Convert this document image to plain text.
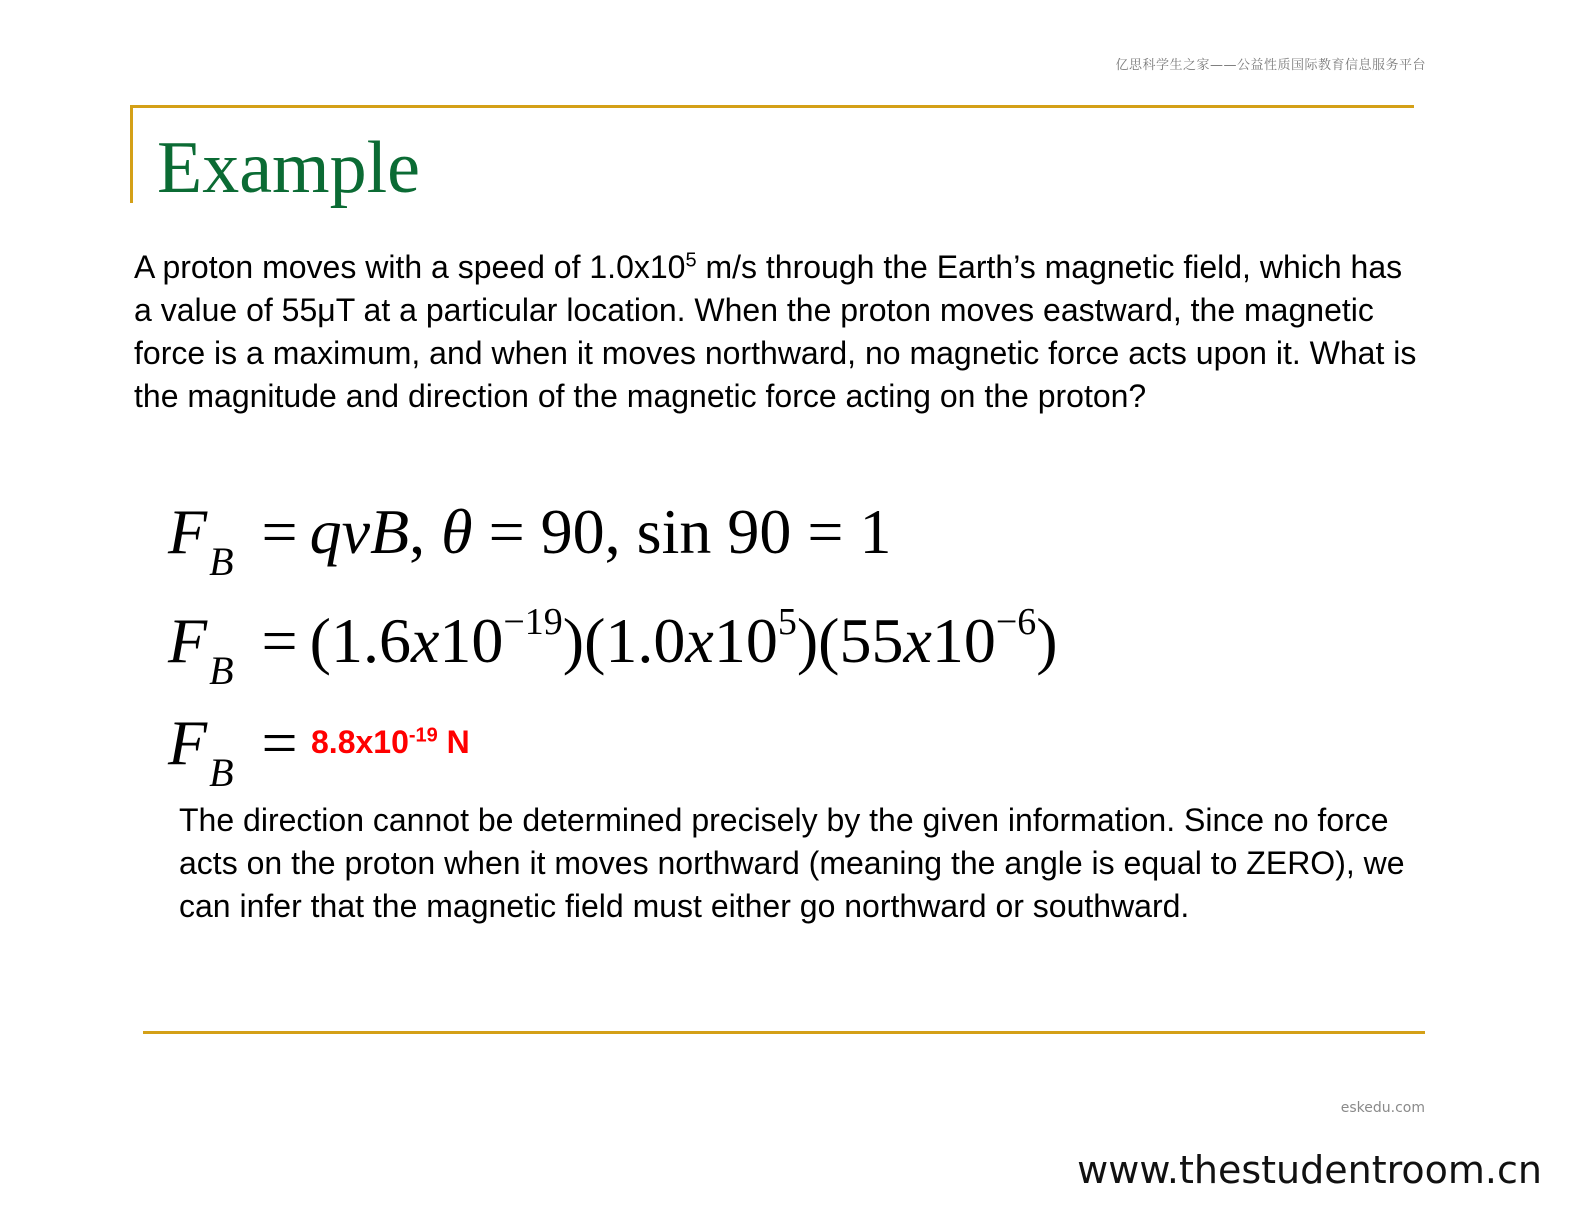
亿思科学生之家——公益性质国际教育信息服务平台
Example
A proton moves with a speed of $1.0x10^5$ m/s through the Earth’s magnetic field, which has a value of 55μT at a particular location. When the proton moves eastward, the magnetic force is a maximum, and when it moves northward, no magnetic force acts upon it. What is the magnitude and direction of the magnetic force acting on the proton?
$F_B$ = qvB, θ = 90, sin 90 = 1
$F_B = (1.6x10^{-19})(1.0x10^5)(55x10^{-6})$
$F_B = 8.8x10^{-19}$ N
The direction cannot be determined precisely by the given information. Since no force acts on the proton when it moves northward (meaning the angle is equal to ZERO), we can infer that the magnetic field must either go northward or southward.
eskedu.com
www.thestudentroom.cn
